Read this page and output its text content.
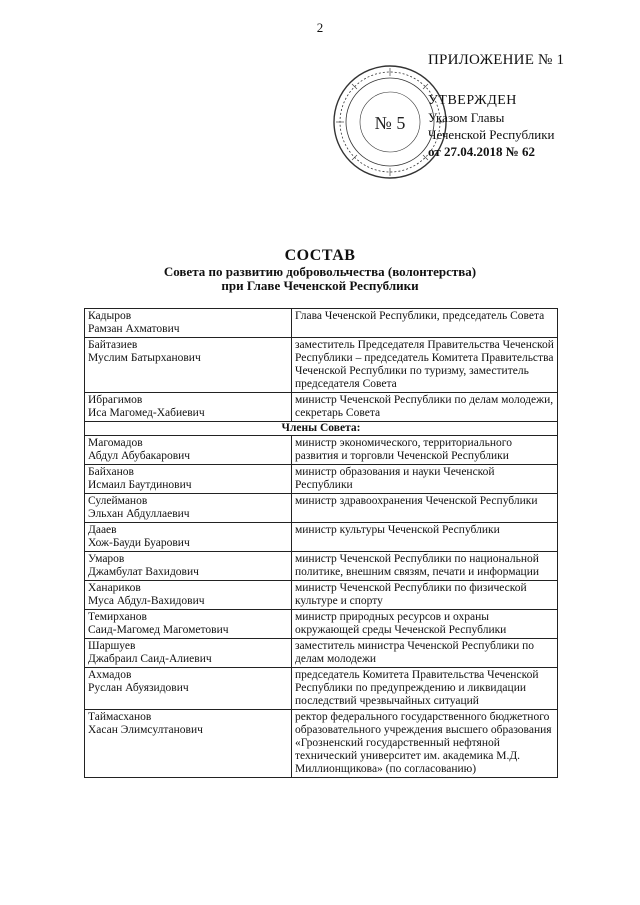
2
ПРИЛОЖЕНИЕ № 1
№ 5
УТВЕРЖДЕН
Указом Главы
Чеченской Республики
от 27.04.2018 № 62
СОСТАВ
Совета по развитию добровольчества (волонтерства)
при Главе Чеченской Республики
Кадыров
Рамзан Ахматович	Глава Чеченской Республики, председатель Совета

Байтазиев
Муслим Батырханович	заместитель Председателя Правительства Чеченской Республики – председатель Комитета Правительства Чеченской Республики по туризму, заместитель председателя Совета

Ибрагимов
Иса Магомед-Хабиевич	министр Чеченской Республики по делам молодежи, секретарь Совета
Члены Совета:	

Магомадов
Абдул Абубакарович	министр экономического, территориального развития и торговли Чеченской Республики

Байханов
Исмаил Баутдинович	министр образования и науки Чеченской Республики

Сулейманов
Эльхан Абдуллаевич	министр здравоохранения Чеченской Республики

Дааев
Хож-Бауди Буарович	министр культуры Чеченской Республики

Умаров
Джамбулат Вахидович	министр Чеченской Республики по национальной политике, внешним связям, печати и информации

Ханариков
Муса Абдул-Вахидович	министр Чеченской Республики по физической культуре и спорту

Темирханов
Саид-Магомед Магометович	министр природных ресурсов и охраны окружающей среды Чеченской Республики

Шаршуев
Джабраил Саид-Алиевич	заместитель министра Чеченской Республики по делам молодежи

Ахмадов
Руслан Абуязидович	председатель Комитета Правительства Чеченской Республики по предупреждению и ликвидации последствий чрезвычайных ситуаций

Таймасханов
Хасан Элимсултанович	ректор федерального государственного бюджетного образовательного учреждения высшего образования «Грозненский государственный нефтяной технический университет им. академика М.Д. Миллионщикова» (по согласованию)
